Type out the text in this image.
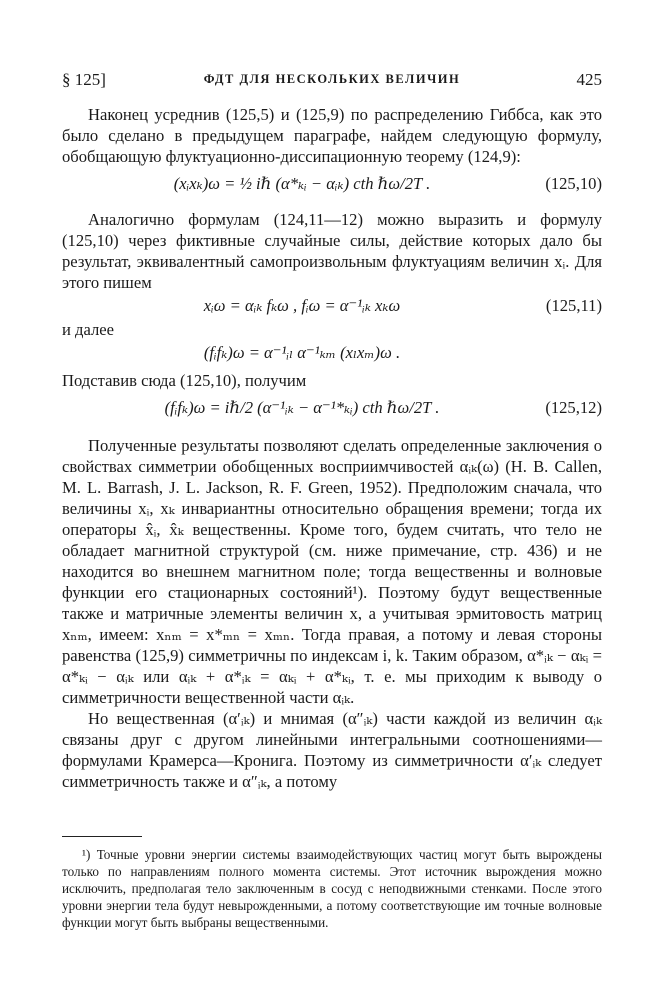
§ 125]	ФДТ ДЛЯ НЕСКОЛЬКИХ ВЕЛИЧИН	425

Наконец усреднив (125,5) и (125,9) по распределению Гиббса, как это было сделано в предыдущем параграфе, найдем следующую формулу, обобщающую флуктуационно-диссипационную теорему (124,9):

(xᵢxₖ)ω = ½ iℏ (α*ₖᵢ − αᵢₖ) cth ℏω/2T .	(125,10)

Аналогично формулам (124,11—12) можно выразить и формулу (125,10) через фиктивные случайные силы, действие которых дало бы результат, эквивалентный самопроизвольным флуктуациям величин xᵢ. Для этого пишем

xᵢω = αᵢₖ fₖω , fᵢω = α⁻¹ᵢₖ xₖω	(125,11)

и далее

(fᵢfₖ)ω = α⁻¹ᵢₗ α⁻¹ₖₘ (xₗxₘ)ω .

Подставив сюда (125,10), получим

(fᵢfₖ)ω = iℏ/2 (α⁻¹ᵢₖ − α⁻¹*ₖᵢ) cth ℏω/2T .	(125,12)

Полученные результаты позволяют сделать определенные заключения о свойствах симметрии обобщенных восприимчивостей αᵢₖ(ω) (H. B. Callen, M. L. Barrash, J. L. Jackson, R. F. Green, 1952). Предположим сначала, что величины xᵢ, xₖ инвариантны относительно обращения времени; тогда их операторы x̂ᵢ, x̂ₖ вещественны. Кроме того, будем считать, что тело не обладает магнитной структурой (см. ниже примечание, стр. 436) и не находится во внешнем магнитном поле; тогда вещественны и волновые функции его стационарных состояний¹). Поэтому будут вещественные также и матричные элементы величин x, а учитывая эрмитовость матриц xₙₘ, имеем: xₙₘ = x*ₘₙ = xₘₙ. Тогда правая, а потому и левая стороны равенства (125,9) симметричны по индексам i, k. Таким образом, α*ᵢₖ − αₖᵢ = α*ₖᵢ − αᵢₖ или αᵢₖ + α*ᵢₖ = αₖᵢ + α*ₖᵢ, т. е. мы приходим к выводу о симметричности вещественной части αᵢₖ.

Но вещественная (α′ᵢₖ) и мнимая (α″ᵢₖ) части каждой из величин αᵢₖ связаны друг с другом линейными интегральными соотношениями—формулами Крамерса—Кронига. Поэтому из симметричности α′ᵢₖ следует симметричность также и α″ᵢₖ, а потому

¹) Точные уровни энергии системы взаимодействующих частиц могут быть вырождены только по направлениям полного момента системы. Этот источник вырождения можно исключить, предполагая тело заключенным в сосуд с неподвижными стенками. После этого уровни энергии тела будут невырожденными, а потому соответствующие им точные волновые функции могут быть выбраны вещественными.
